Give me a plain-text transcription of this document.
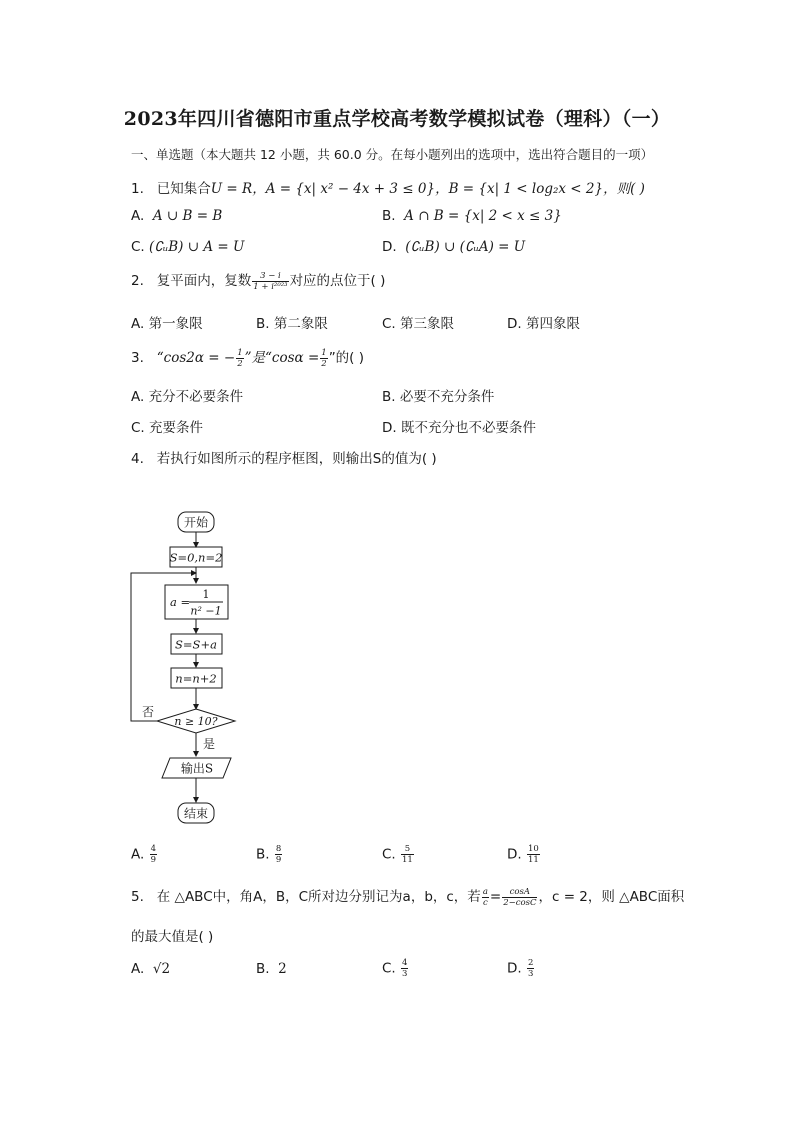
2023年四川省德阳市重点学校高考数学模拟试卷（理科）（一）
一、单选题（本大题共 12 小题，共 60.0 分。在每小题列出的选项中，选出符合题目的一项）
1. 已知集合U = R，A = {x| x² − 4x + 3 ≤ 0}，B = {x| 1 < log₂x < 2}，则( )
A. A ∪ B = B	B. A ∩ B = {x| 2 < x ≤ 3}
C. (∁ᵤB) ∪ A = U	D. (∁ᵤB) ∪ (∁ᵤA) = U
2. 复平面内，复数 $\frac{3 - i}{\text{1 + i²⁰²³}}$ 对应的点位于( )
A. 第一象限	B. 第二象限	C. 第三象限	D. 第四象限
3. “cos2α = − $\frac{1}{2}$ ”是“$\cos\alpha = \frac{1}{2}$ ”的( )
A. 充分不必要条件	B. 必要不充分条件
C. 充要条件	D. 既不充分也不必要条件
4. 若执行如图所示的程序框图，则输出S的值为( )
开始
S=0,n=2
a =
1
n² −1
S=S+a
n=n+2
n ≥ 10?
否
是
输出S
结束
A. $\frac{4}{9}$	B. $\frac{8}{9}$	C. $\frac{5}{11}$	D. $\frac{10}{11}$
5. 在 △ABC中，角A，B，C所对边分别记为a，b，c，若 $\frac{a}{c} = \frac{\cos A}{2-\cos C}$ ，c = 2，则 △ABC面积
的最大值是( )
A. √2	B. 2	C. $\frac{4}{3}$	D. $\frac{2}{3}$
